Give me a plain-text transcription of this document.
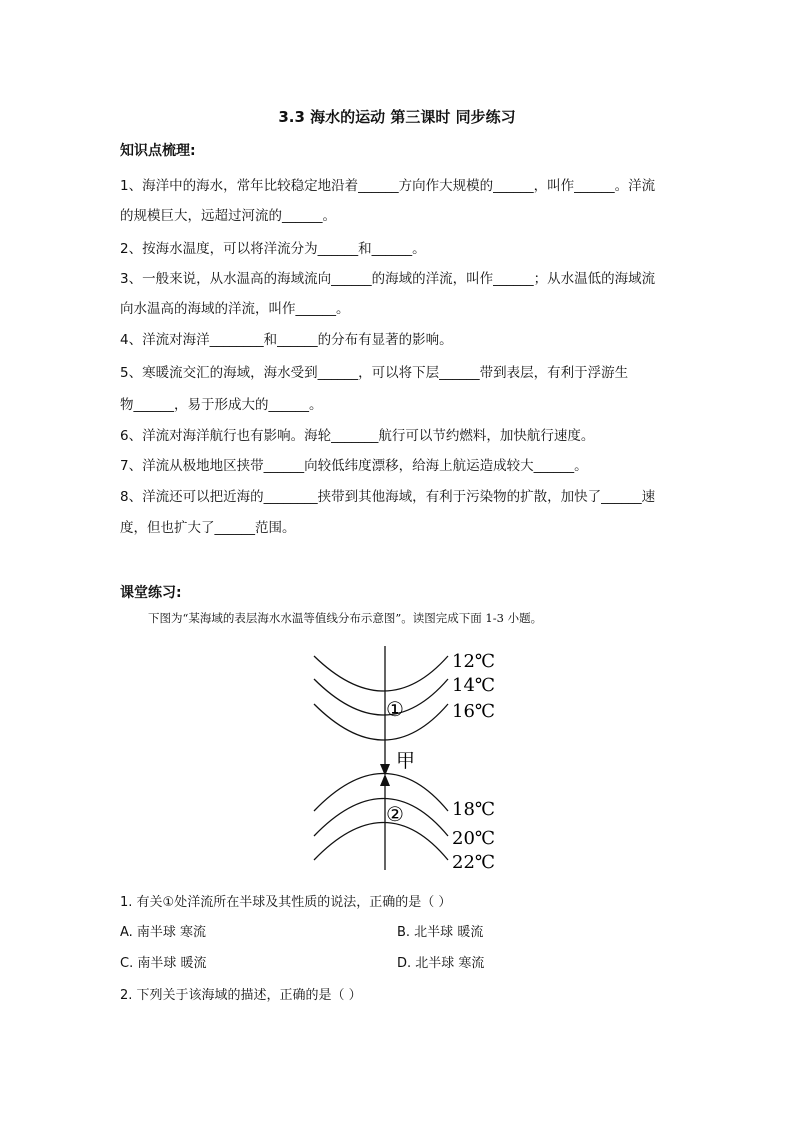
3.3 海水的运动 第三课时 同步练习
知识点梳理:
1、海洋中的海水，常年比较稳定地沿着______方向作大规模的______，叫作______。洋流
的规模巨大，远超过河流的______。
2、按海水温度，可以将洋流分为______和______。
3、一般来说，从水温高的海域流向______的海域的洋流，叫作______；从水温低的海域流
向水温高的海域的洋流，叫作______。
4、洋流对海洋________和______的分布有显著的影响。
5、寒暖流交汇的海域，海水受到______，可以将下层______带到表层，有利于浮游生
物______，易于形成大的______。
6、洋流对海洋航行也有影响。海轮_______航行可以节约燃料，加快航行速度。
7、洋流从极地地区挟带______向较低纬度漂移，给海上航运造成较大______。
8、洋流还可以把近海的________挟带到其他海域，有利于污染物的扩散，加快了______速
度，但也扩大了______范围。
课堂练习:
下图为“某海域的表层海水水温等值线分布示意图”。读图完成下面 1-3 小题。
12℃
14℃
16℃
18℃
20℃
22℃
①
②
甲
1. 有关①处洋流所在半球及其性质的说法，正确的是（ ）
A. 南半球 寒流	B. 北半球 暖流
C. 南半球 暖流	D. 北半球 寒流
2. 下列关于该海域的描述，正确的是（ ）
